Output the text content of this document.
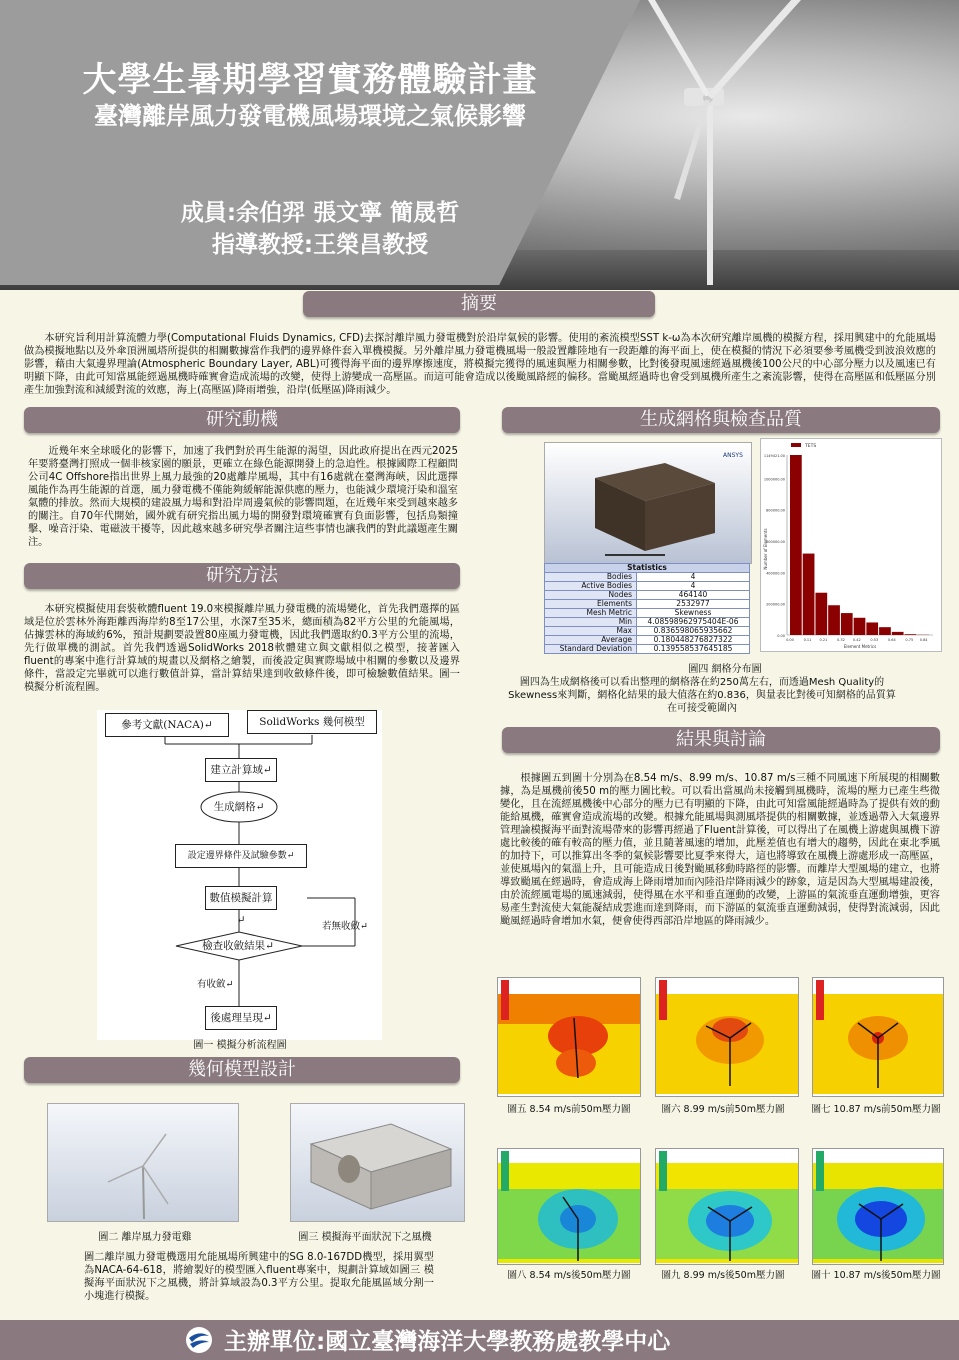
大學生暑期學習實務體驗計畫
臺灣離岸風力發電機風場環境之氣候影響
成員:余伯羿 張文寧 簡晟哲
指導教授:王榮昌教授
摘要
本研究旨利用計算流體力學(Computational Fluids Dynamics, CFD)去探討離岸風力發電機對於沿岸氣候的影響。使用的紊流模型SST k-ω為本次研究離岸風機的模擬方程，採用興建中的允能風場做為模擬地點以及外傘頂洲風塔所提供的相關數據當作我們的邊界條件套入單機模擬。另外離岸風力發電機風場一般設置離陸地有一段距離的海平面上，使在模擬的情況下必須要參考風機受到波浪效應的影響，藉由大氣邊界理論(Atmospheric Boundary Layer, ABL)可獲得海平面的邊界摩擦速度，將模擬完獲得的風速與壓力相關參數，比對後發現風速經過風機後100公尺的中心部分壓力以及風速已有明顯下降，由此可知當風能經過風機時確實會造成流場的改變，使得上游變成一高壓區。而這可能會造成以後颱風路經的偏移。當颱風經過時也會受到風機所產生之紊流影響，使得在高壓區和低壓區分別產生加強對流和減緩對流的效應，海上(高壓區)降雨增強，沿岸(低壓區)降雨減少。
研究動機
近幾年來全球暖化的影響下，加速了我們對於再生能源的渴望，因此政府提出在西元2025年要將臺灣打照成一個非核家園的願景，更確立在綠色能源開發上的急迫性。根據國際工程顧問公司4C Offshore指出世界上風力最強的20處離岸風場，其中有16處就在臺灣海峽，因此選擇風能作為再生能源的首選，風力發電機不僅能夠緩解能源供應的壓力，也能減少環境汙染和溫室氣體的排放。然而大規模的建設風力場和對沿岸周邊氣候的影響問題，在近幾年來受到越來越多的關注。自70年代開始，國外就有研究指出風力場的開發對環境確實有負面影響，包括鳥類撞擊、噪音汙染、電磁波干擾等，因此越來越多研究學者關注這些事情也讓我們的對此議題產生關注。
研究方法
本研究模擬使用套裝軟體fluent 19.0來模擬離岸風力發電機的流場變化，首先我們選擇的區域是位於雲林外海距離西海岸約8至17公里，水深7至35米，總面積為82平方公里的允能風場，佔據雲林的海域約6%，預計規劃要設置80座風力發電機，因此我們選取約0.3平方公里的流場，先行做單機的測試。首先我們透過SolidWorks 2018軟體建立與文獻相似之模型，接著匯入fluent的專案中進行計算域的規畫以及網格之繪製，而後設定與實際場域中相關的參數以及邊界條件，當設定完畢就可以進行數值計算，當計算結果達到收斂條件後，即可檢驗數值結果。圖一 模擬分析流程圖。
參考文獻(NACA)↵	SolidWorks 幾何模型
建立計算域↵
生成網格↵
設定邊界條件及試驗參數↵
數值模擬計算↵
檢查收斂結果↵
若無收斂↵
有收斂↵
後處理呈現↵
圖一 模擬分析流程圖
幾何模型設計
圖二 離岸風力發電雞	圖三 模擬海平面狀況下之風機
圖二離岸風力發電機選用允能風場所興建中的SG 8.0-167DD機型，採用翼型為NACA-64-618，將繪製好的模型匯入fluent專案中，規劃計算域如圖三 模擬海平面狀況下之風機，將計算域設為0.3平方公里。提取允能風區域分割一小塊進行模擬。
生成網格與檢查品質
ANSYS
Statistics	
Bodies	4
Active Bodies	4
Nodes	464140
Elements	2532977
Mesh Metric	Skewness
Min	4.08598962975404E-06
Max	0.836598065935662
Average	0.180448276827322
Standard Deviation	0.139558537645185
0.00
200000.00
400000.00
600000.00
800000.00
1000000.00
1149421.00
0.00	0.11 0.21	0.32 0.42	0.53	0.64	0.75 0.84
Element Metrics
Number of Elements
TETS
圖四 網格分布圖
圖四為生成網格後可以看出整理的網格落在約250萬左右，而透過Mesh Quality的Skewness來判斷，網格化結果的最大值落在約0.836，與量表比對後可知網格的品質算在可接受範圍內
結果與討論
根據圖五到圖十分別為在8.54 m/s、8.99 m/s、10.87 m/s三種不同風速下所展現的相關數據，為是風機前後50 m的壓力圖比較。可以看出當風尚未接觸到風機時，流場的壓力已產生些微變化，且在流經風機後中心部分的壓力已有明顯的下降，由此可知當風能經過時為了提供有效的動能給風機，確實會造成流場的改變。根據允能風場與測風塔提供的相關數據，並透過帶入大氣邊界管理論模擬海平面對流場帶來的影響再經過了Fluent計算後，可以得出了在風機上游處與風機下游處比較後的確有較高的壓力值，並且隨著風速的增加，此壓差值也有增大的趨勢，因此在東北季風的加持下，可以推算出冬季的氣候影響要比夏季來得大，這也將導致在風機上游處形成一高壓區，並使風場內的氣溫上升，且可能造成日後對颱風移動時路徑的影響。而離岸大型風場的建立，也將導致颱風在經過時，會造成海上降雨增加而內陸沿岸降雨減少的跡象，這是因為大型風場建設後，由於流經風電場的風速減弱，使得風在水平和垂直運動的改變，上游區的氣流垂直運動增強，更容易產生對流使大氣能凝結成雲進而達到降雨，而下游區的氣流垂直運動減弱，使得對流減弱，因此颱風經過時會增加水氣，便會使得西部沿岸地區的降雨減少。
圖五 8.54 m/s前50m壓力圖	圖六 8.99 m/s前50m壓力圖	圖七 10.87 m/s前50m壓力圖
圖八 8.54 m/s後50m壓力圖	圖九 8.99 m/s後50m壓力圖	圖十 10.87 m/s後50m壓力圖
主辦單位:國立臺灣海洋大學教務處教學中心
